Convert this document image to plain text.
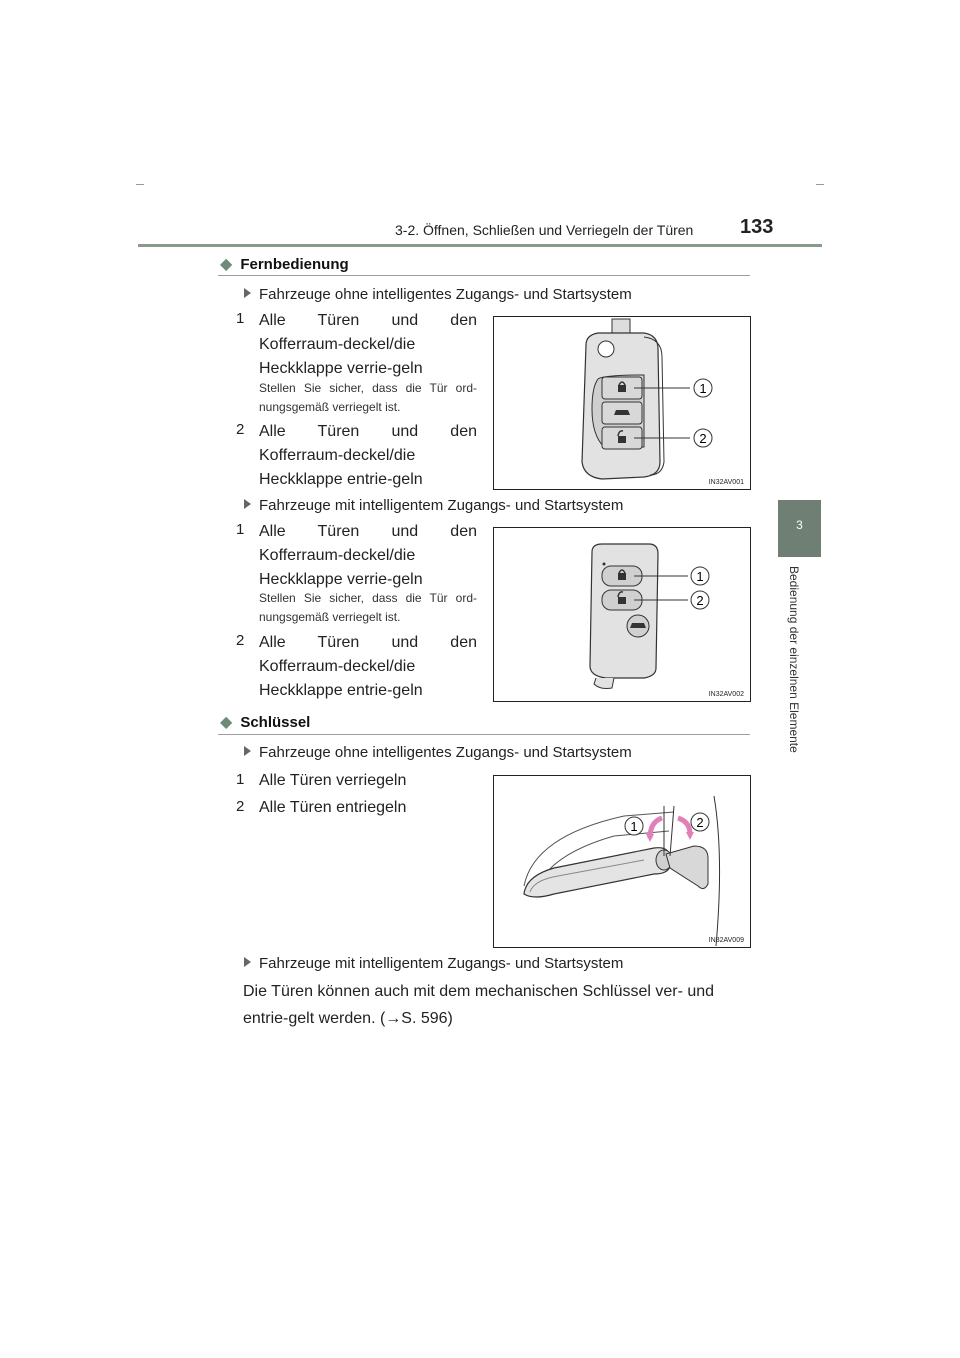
3-2. Öffnen, Schließen und Verriegeln der Türen 133
3
Bedienung der einzelnen Elemente
◆ Fernbedienung
Fahrzeuge ohne intelligentes Zugangs- und Startsystem
1 Alle Türen und den Kofferraum-deckel/die Heckklappe verrie-geln
Stellen Sie sicher, dass die Tür ord-nungsgemäß verriegelt ist.
2 Alle Türen und den Kofferraum-deckel/die Heckklappe entrie-geln
1
2
IN32AV001
Fahrzeuge mit intelligentem Zugangs- und Startsystem
1 Alle Türen und den Kofferraum-deckel/die Heckklappe verrie-geln
Stellen Sie sicher, dass die Tür ord-nungsgemäß verriegelt ist.
2 Alle Türen und den Kofferraum-deckel/die Heckklappe entrie-geln
1
2
IN32AV002
◆ Schlüssel
Fahrzeuge ohne intelligentes Zugangs- und Startsystem
1 Alle Türen verriegeln
2 Alle Türen entriegeln
1	2
IN32AV009
Fahrzeuge mit intelligentem Zugangs- und Startsystem
Die Türen können auch mit dem mechanischen Schlüssel ver- und entrie-gelt werden. (→S. 596)
